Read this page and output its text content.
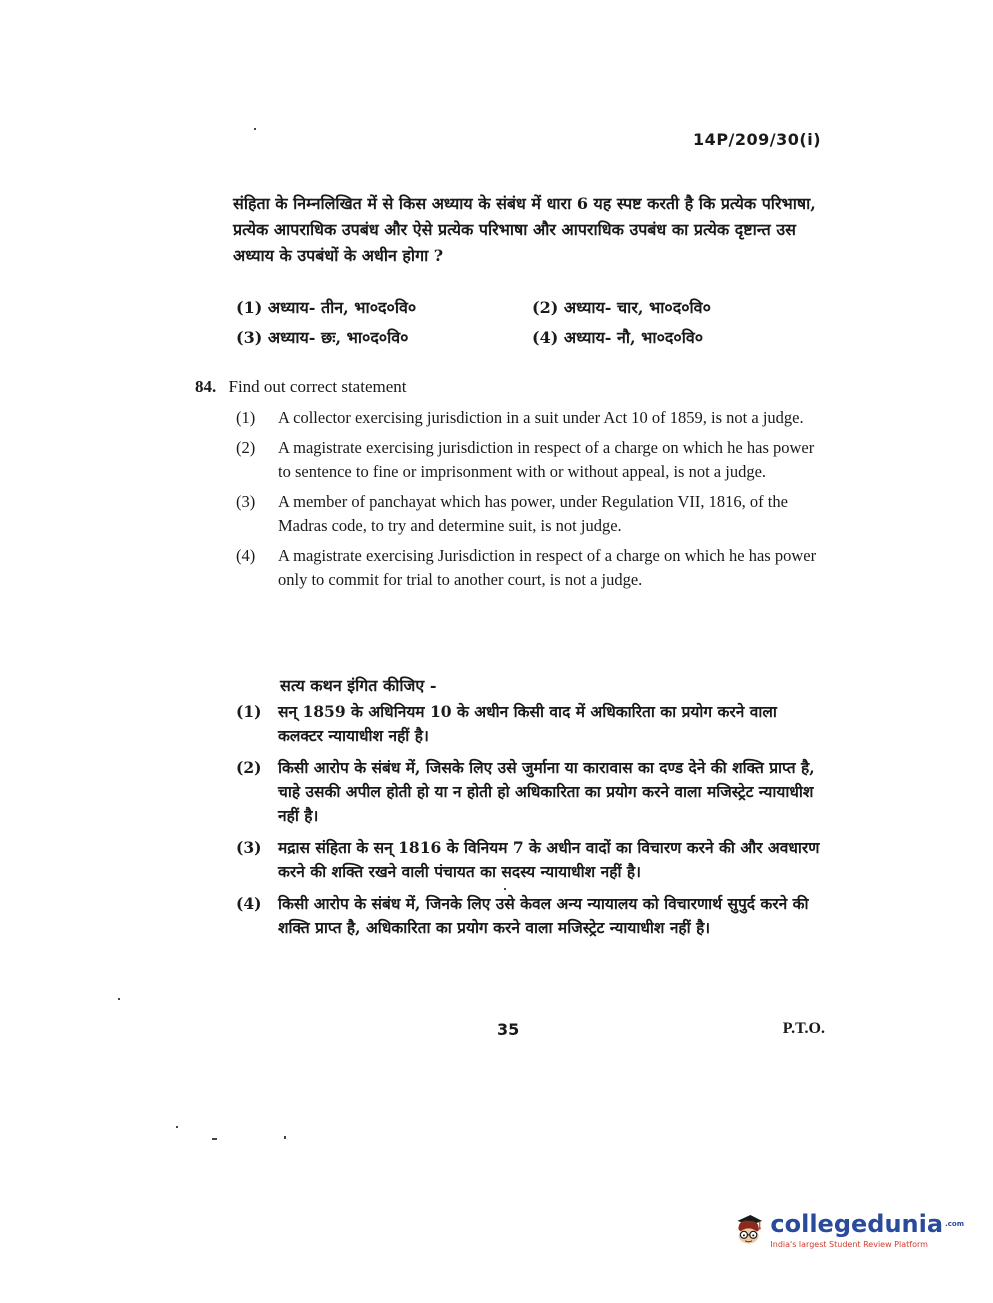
14P/209/30(i)
संहिता के निम्नलिखित में से किस अध्याय के संबंध में धारा 6 यह स्पष्ट करती है कि प्रत्येक परिभाषा, प्रत्येक आपराधिक उपबंध और ऐसे प्रत्येक परिभाषा और आपराधिक उपबंध का प्रत्येक दृष्टान्त उस अध्याय के उपबंधों के अधीन होगा ?
(1) अध्याय- तीन, भा०द०वि०	(2) अध्याय- चार, भा०द०वि०
(3) अध्याय- छः, भा०द०वि०	(4) अध्याय- नौ, भा०द०वि०
84. Find out correct statement
(1)	A collector exercising jurisdiction in a suit under Act 10 of 1859, is not a judge.
(2)	A magistrate exercising jurisdiction in respect of a charge on which he has power to sentence to fine or imprisonment with or without appeal, is not a judge.
(3)	A member of panchayat which has power, under Regulation VII, 1816, of the Madras code, to try and determine suit, is not judge.
(4)	A magistrate exercising Jurisdiction in respect of a charge on which he has power only to commit for trial to another court, is not a judge.
सत्य कथन इंगित कीजिए -
(1)	सन् 1859 के अधिनियम 10 के अधीन किसी वाद में अधिकारिता का प्रयोग करने वाला कलक्टर न्यायाधीश नहीं है।
(2)	किसी आरोप के संबंध में, जिसके लिए उसे जुर्माना या कारावास का दण्ड देने की शक्ति प्राप्त है, चाहे उसकी अपील होती हो या न होती हो अधिकारिता का प्रयोग करने वाला मजिस्ट्रेट न्यायाधीश नहीं है।
(3)	मद्रास संहिता के सन् 1816 के विनियम 7 के अधीन वादों का विचारण करने की और अवधारण करने की शक्ति रखने वाली पंचायत का सदस्य न्यायाधीश नहीं है।
(4)	किसी आरोप के संबंध में, जिनके लिए उसे केवल अन्य न्यायालय को विचारणार्थ सुपुर्द करने की शक्ति प्राप्त है, अधिकारिता का प्रयोग करने वाला मजिस्ट्रेट न्यायाधीश नहीं है।
35	P.T.O.
collegedunia $^{.com}$
India's largest Student Review Platform
